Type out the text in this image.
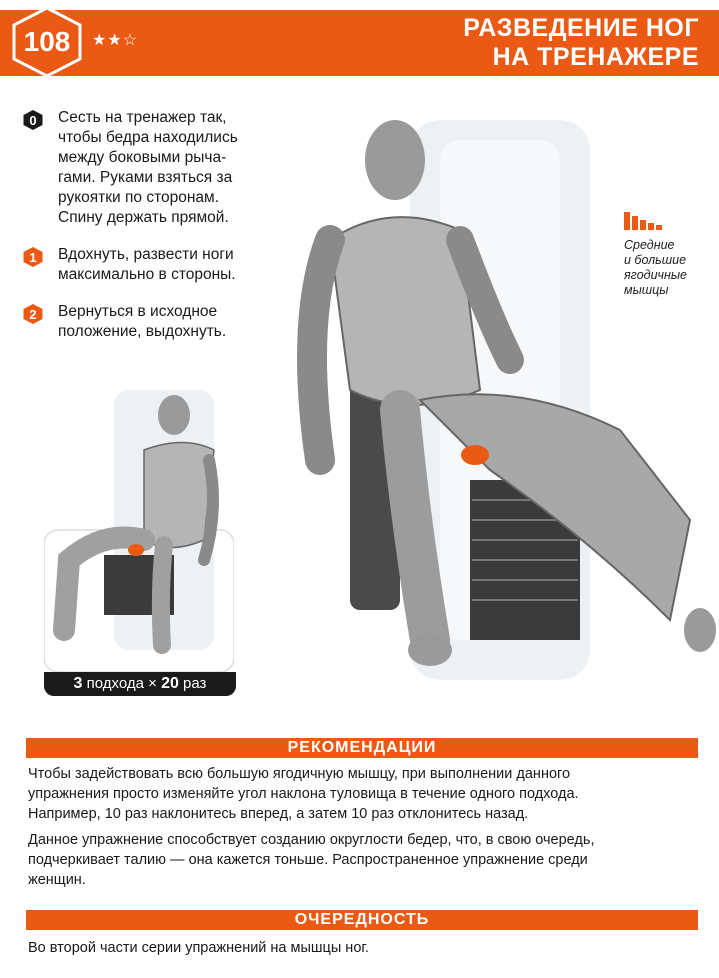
108	★★☆	РАЗВЕДЕНИЕ НОГ
НА ТРЕНАЖЕРЕ
0	Сесть на тренажер так,
чтобы бедра находились
между боковыми рыча-
гами. Руками взяться за
рукоятки по сторонам.
Спину держать прямой.
1	Вдохнуть, развести ноги
максимально в стороны.
2	Вернуться в исходное
положение, выдохнуть.
Средние
и большие
ягодичные
мышцы
3 подхода × 20 раз
РЕКОМЕНДАЦИИ
Чтобы задействовать всю большую ягодичную мышцу, при выполнении данного
упражнения просто изменяйте угол наклона туловища в течение одного подхода.
Например, 10 раз наклонитесь вперед, а затем 10 раз отклонитесь назад.
Данное упражнение способствует созданию округлости бедер, что, в свою очередь,
подчеркивает талию — она кажется тоньше. Распространенное упражнение среди
женщин.
ОЧЕРЕДНОСТЬ
Во второй части серии упражнений на мышцы ног.
